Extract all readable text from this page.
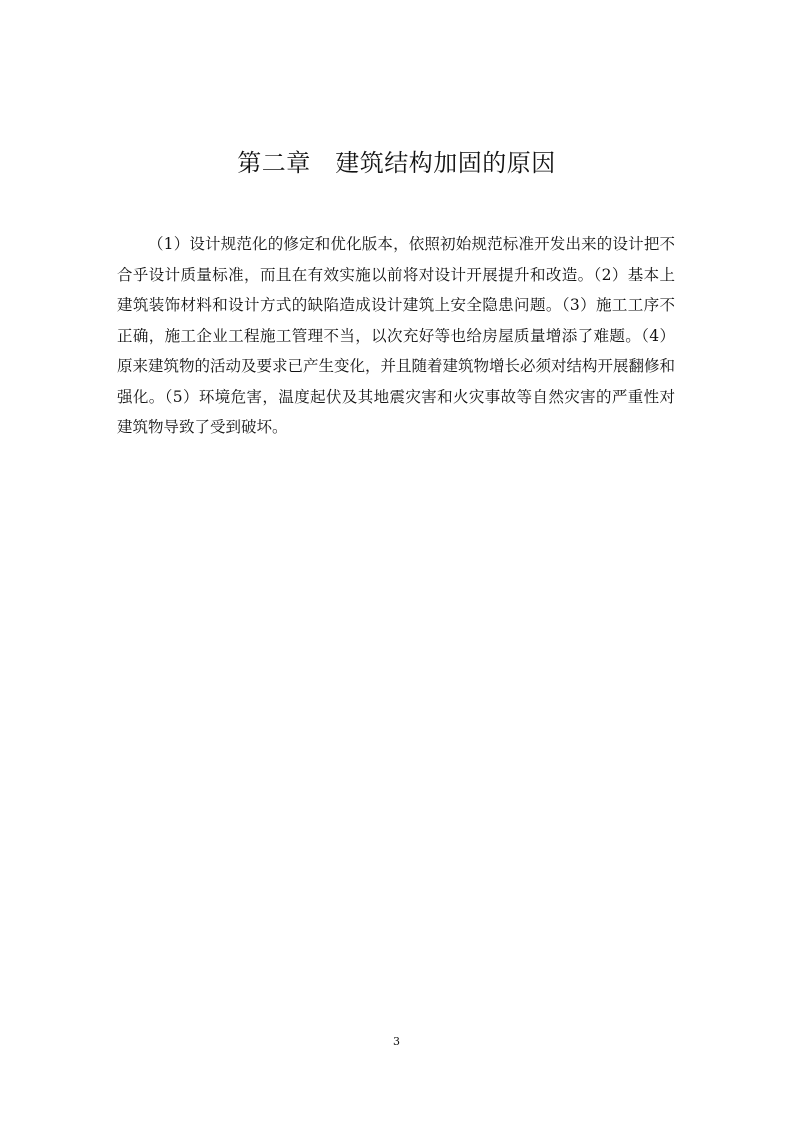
第二章　建筑结构加固的原因

（1）设计规范化的修定和优化版本，依照初始规范标准开发出来的设计把不合乎设计质量标准，而且在有效实施以前将对设计开展提升和改造。（2）基本上建筑装饰材料和设计方式的缺陷造成设计建筑上安全隐患问题。（3）施工工序不正确，施工企业工程施工管理不当，以次充好等也给房屋质量增添了难题。（4）原来建筑物的活动及要求已产生变化，并且随着建筑物增长必须对结构开展翻修和强化。（5）环境危害，温度起伏及其地震灾害和火灾事故等自然灾害的严重性对建筑物导致了受到破坏。

3
